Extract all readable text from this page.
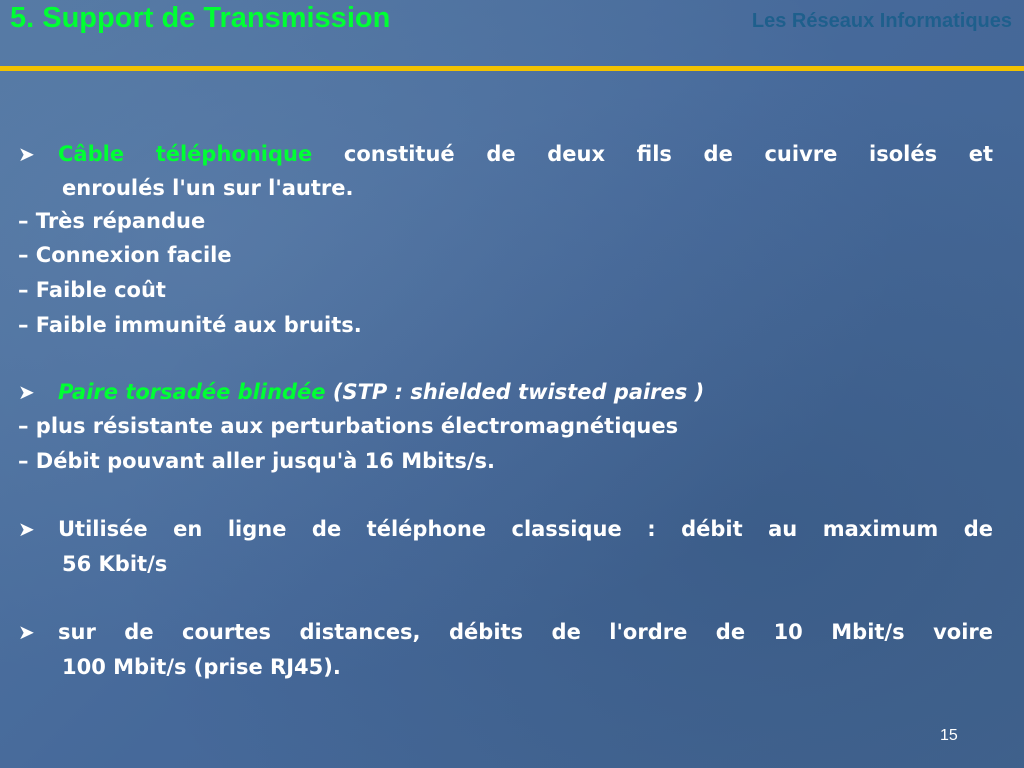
5. Support de Transmission	Les Réseaux Informatiques
➤ Câble téléphonique constitué de deux fils de cuivre isolés et
enroulés l'un sur l'autre.
– Très répandue
– Connexion facile
– Faible coût
– Faible immunité aux bruits.
➤ Paire torsadée blindée (STP : shielded twisted paires )
– plus résistante aux perturbations électromagnétiques
– Débit pouvant aller jusqu'à 16 Mbits/s.
➤ Utilisée en ligne de téléphone classique : débit au maximum de
56 Kbit/s
➤ sur de courtes distances, débits de l'ordre de 10 Mbit/s voire
100 Mbit/s (prise RJ45).
15
